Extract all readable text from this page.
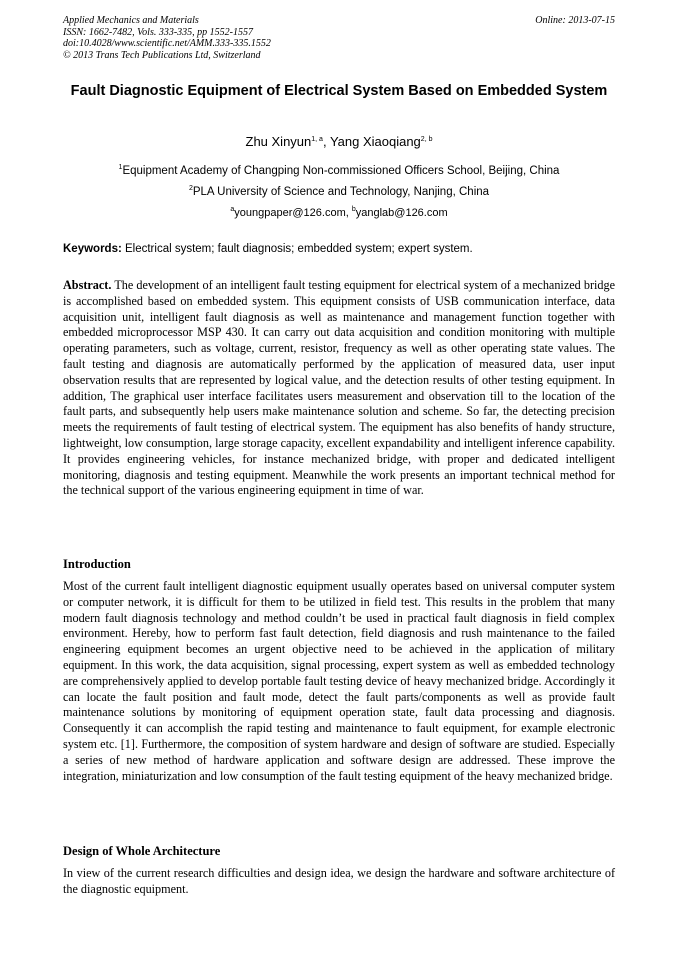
Applied Mechanics and Materials
ISSN: 1662-7482, Vols. 333-335, pp 1552-1557
doi:10.4028/www.scientific.net/AMM.333-335.1552
© 2013 Trans Tech Publications Ltd, Switzerland
Online: 2013-07-15
Fault Diagnostic Equipment of Electrical System Based on Embedded System
Zhu Xinyun$^{1, a}$, Yang Xiaoqiang$^{2, b}$
$^1$Equipment Academy of Changping Non-commissioned Officers School, Beijing, China
$^2$PLA University of Science and Technology, Nanjing, China
$^a$youngpaper@126.com, $^b$yanglab@126.com
Keywords: Electrical system; fault diagnosis; embedded system; expert system.
Abstract. The development of an intelligent fault testing equipment for electrical system of a mechanized bridge is accomplished based on embedded system. This equipment consists of USB communication interface, data acquisition unit, intelligent fault diagnosis as well as maintenance and management function together with embedded microprocessor MSP 430. It can carry out data acquisition and condition monitoring with multiple operating parameters, such as voltage, current, resistor, frequency as well as other operating state values. The fault testing and diagnosis are automatically performed by the application of measured data, user input observation results that are represented by logical value, and the detection results of other testing equipment. In addition, The graphical user interface facilitates users measurement and observation till to the location of the fault parts, and subsequently help users make maintenance solution and scheme. So far, the detecting precision meets the requirements of fault testing of electrical system. The equipment has also benefits of handy structure, lightweight, low consumption, large storage capacity, excellent expandability and intelligent inference capability. It provides engineering vehicles, for instance mechanized bridge, with proper and dedicated intelligent monitoring, diagnosis and testing equipment. Meanwhile the work presents an important technical method for the technical support of the various engineering equipment in time of war.
Introduction
Most of the current fault intelligent diagnostic equipment usually operates based on universal computer system or computer network, it is difficult for them to be utilized in field test. This results in the problem that many modern fault diagnosis technology and method couldn’t be used in practical fault diagnosis in field complex environment. Hereby, how to perform fast fault detection, field diagnosis and rush maintenance to the failed engineering equipment becomes an urgent objective need to be achieved in the application of military equipment. In this work, the data acquisition, signal processing, expert system as well as embedded technology are comprehensively applied to develop portable fault testing device of heavy mechanized bridge. Accordingly it can locate the fault position and fault mode, detect the fault parts/components as well as provide fault maintenance solutions by monitoring of equipment operation state, fault data processing and diagnosis. Consequently it can accomplish the rapid testing and maintenance to fault equipment, for example electronic system etc. [1]. Furthermore, the composition of system hardware and design of software are studied. Especially a series of new method of hardware application and software design are addressed. These improve the integration, miniaturization and low consumption of the fault testing equipment of the heavy mechanized bridge.
Design of Whole Architecture
In view of the current research difficulties and design idea, we design the hardware and software architecture of the diagnostic equipment.
